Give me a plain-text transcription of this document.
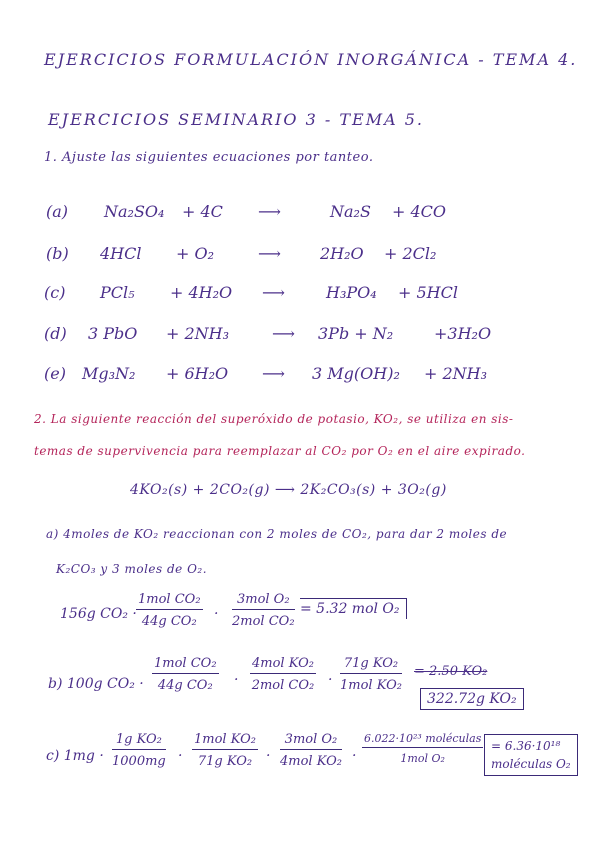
EJERCICIOS FORMULACIÓN INORGÁNICA - TEMA 4.
EJERCICIOS SEMINARIO 3 - TEMA 5.
1. Ajuste las siguientes ecuaciones por tanteo.
(a) Na₂SO₄ + 4C ⟶	Na₂S + 4CO
(b) 4HCl + O₂	⟶ 2H₂O + 2Cl₂
(c) PCl₅ + 4H₂O ⟶	H₃PO₄ + 5HCl
(d) 3 PbO + 2NH₃	⟶ 3Pb + N₂	+3H₂O
(e) Mg₃N₂ + 6H₂O ⟶ 3 Mg(OH)₂ + 2NH₃
2. La siguiente reacción del superóxido de potasio, KO₂, se utiliza en sis-
temas de supervivencia para reemplazar al CO₂ por O₂ en el aire expirado.
4KO₂(s) + 2CO₂(g) ⟶ 2K₂CO₃(s) + 3O₂(g)
a) 4moles de KO₂ reaccionan con 2 moles de CO₂, para dar 2 moles de
K₂CO₃ y 3 moles de O₂.
156g CO₂ ·
1mol CO₂
44g CO₂	·
3mol O₂
2mol CO₂
= 5.32 mol O₂
b) 100g CO₂ ·
1mol CO₂
44g CO₂	·
4mol KO₂
2mol CO₂ ·
71g KO₂
1mol KO₂
= 2.50 KO₂
322.72g KO₂
c) $1mg \cdot \frac{\text{1g KO₂}}{1000mg}$ ·
1mol KO₂
71g KO₂ ·
3mol O₂
4mol KO₂ ·
6.022·10²³ moléculas
1mol O₂
= 6.36·10¹⁸
moléculas O₂
